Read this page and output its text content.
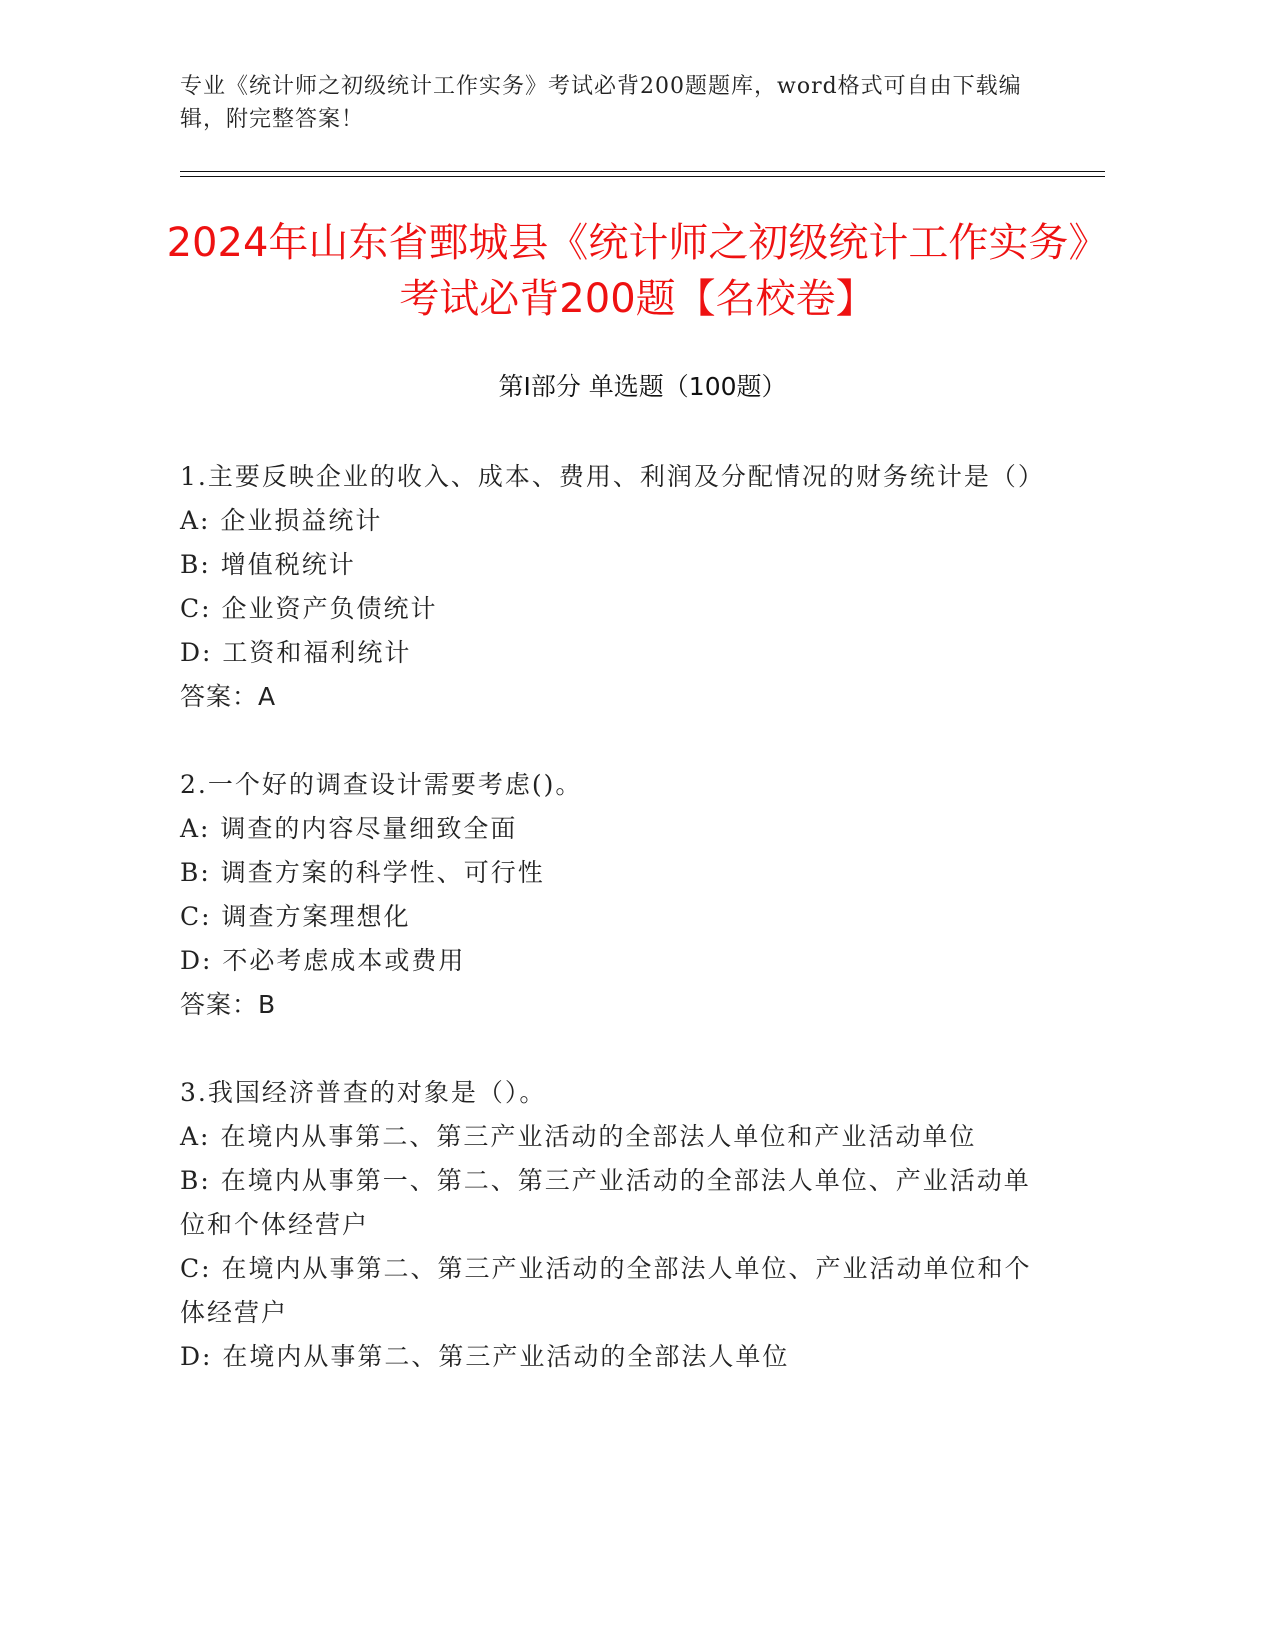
专业《统计师之初级统计工作实务》考试必背200题题库，word格式可自由下载编辑，附完整答案！
2024年山东省鄄城县《统计师之初级统计工作实务》考试必背200题【名校卷】
第Ⅰ部分 单选题（100题）

1.主要反映企业的收入、成本、费用、利润及分配情况的财务统计是（）

A: 企业损益统计

B: 增值税统计

C: 企业资产负债统计

D: 工资和福利统计

答案：A

2.一个好的调查设计需要考虑()。

A: 调查的内容尽量细致全面

B: 调查方案的科学性、可行性

C: 调查方案理想化

D: 不必考虑成本或费用

答案：B

3.我国经济普查的对象是（）。

A: 在境内从事第二、第三产业活动的全部法人单位和产业活动单位

B: 在境内从事第一、第二、第三产业活动的全部法人单位、产业活动单位和个体经营户

C: 在境内从事第二、第三产业活动的全部法人单位、产业活动单位和个体经营户

D: 在境内从事第二、第三产业活动的全部法人单位
